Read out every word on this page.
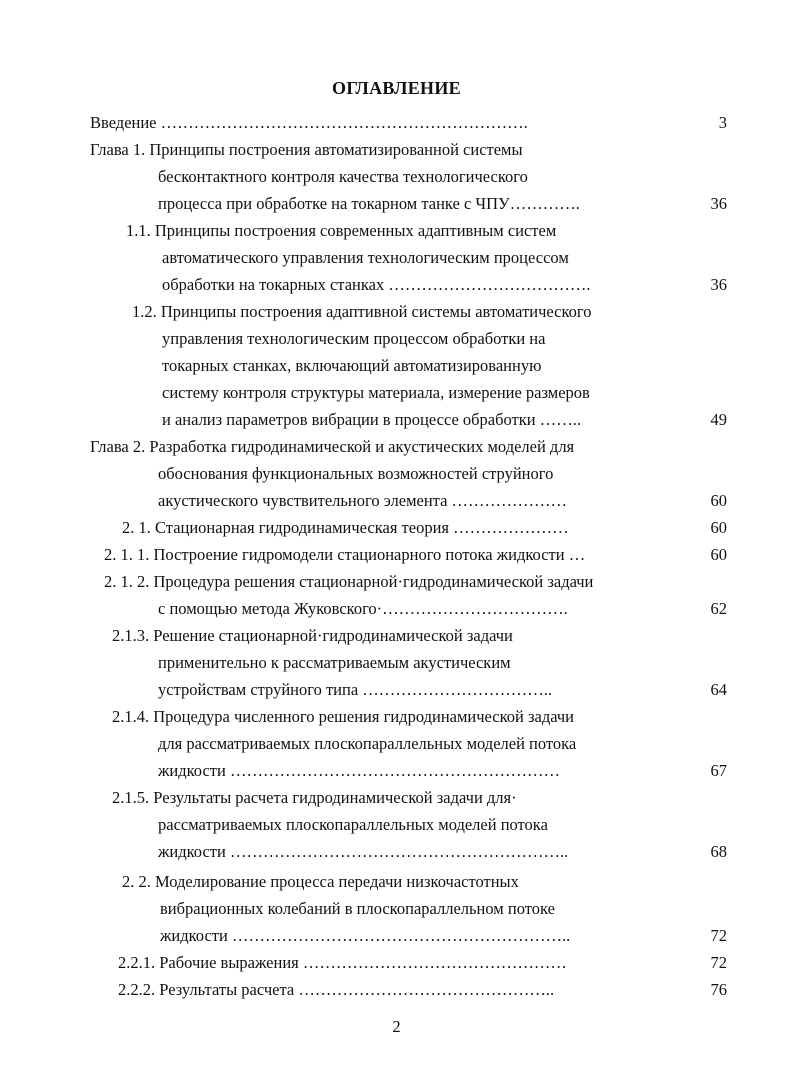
ОГЛАВЛЕНИЕ
Введение ………………………………………………………….
Глава 1. Принципы построения автоматизированной системы
бесконтактного контроля качества технологического
процесса при обработке на токарном танке с ЧПУ………….
1.1. Принципы построения современных адаптивным систем
автоматического управления технологическим процессом
обработки на токарных станках ……………………………….
1.2. Принципы построения адаптивной системы автоматического
управления технологическим процессом обработки на
токарных станках, включающий автоматизированную
систему контроля структуры материала, измерение размеров
и анализ параметров вибрации в процессе обработки ……..
Глава 2. Разработка гидродинамической и акустических моделей для
обоснования функциональных возможностей струйного
акустического чувствительного элемента …………………
2. 1. Стационарная гидродинамическая теория …………………
2. 1. 1. Построение гидромодели стационарного потока жидкости …
2. 1. 2. Процедура решения стационарной·гидродинамической задачи
с помощью метода Жуковского·…………………………….
2.1.3. Решение стационарной·гидродинамической задачи
применительно к рассматриваемым акустическим
устройствам струйного типа ……………………………..
2.1.4. Процедура численного решения гидродинамической задачи
для рассматриваемых плоскопараллельных моделей потока
жидкости ……………………………………………………
2.1.5. Результаты расчета гидродинамической задачи для·
рассматриваемых плоскопараллельных моделей потока
жидкости ……………………………………………………..
2. 2. Моделирование процесса передачи низкочастотных
вибрационных колебаний в плоскопараллельном потоке
жидкости ……………………………………………………..
2.2.1. Рабочие выражения …………………………………………
2.2.2. Результаты расчета ………………………………………..
3
36
36
49
60
60
60
62
64
67
68
72
72
76
2
